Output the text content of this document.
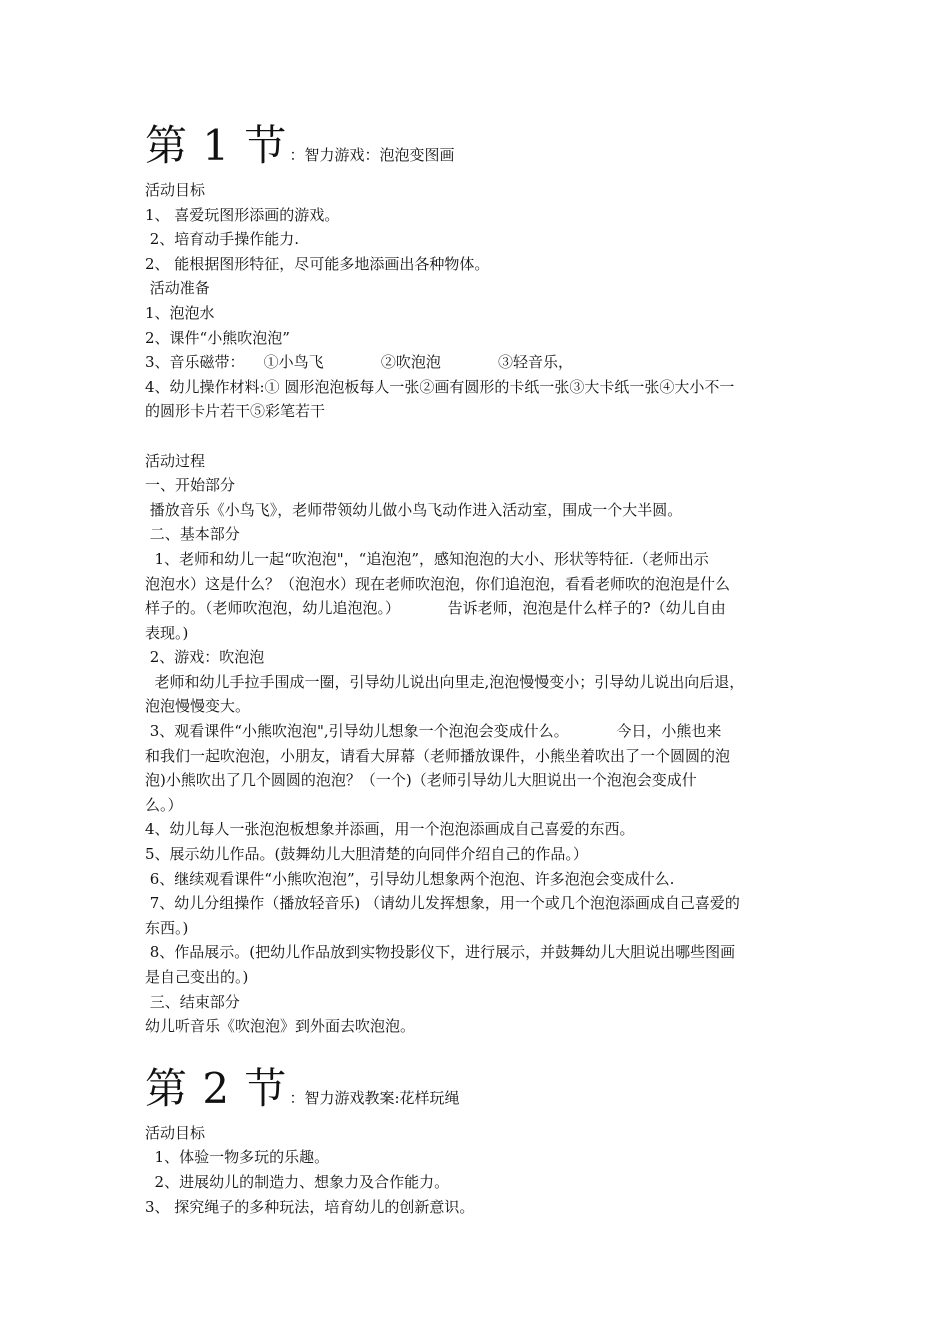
第 1 节 ：智力游戏：泡泡变图画

活动目标

1、 喜爱玩图形添画的游戏。

2、培育动手操作能力.

2、 能根据图形特征，尽可能多地添画出各种物体。

活动准备

1、泡泡水

2、课件“小熊吹泡泡”

3、音乐磁带：    ①小鸟飞            ②吹泡泡            ③轻音乐，

4、幼儿操作材料:① 圆形泡泡板每人一张②画有圆形的卡纸一张③大卡纸一张④大小不一

的圆形卡片若干⑤彩笔若干

活动过程

一、开始部分

播放音乐《小鸟飞》，老师带领幼儿做小鸟飞动作进入活动室，围成一个大半圆。

二、基本部分

1、老师和幼儿一起“吹泡泡"，“追泡泡”，感知泡泡的大小、形状等特征.（老师出示

泡泡水）这是什么？（泡泡水）现在老师吹泡泡，你们追泡泡，看看老师吹的泡泡是什么

样子的。（老师吹泡泡，幼儿追泡泡。）          告诉老师，泡泡是什么样子的?（幼儿自由

表现。)

2、游戏：吹泡泡

老师和幼儿手拉手围成一圈，引导幼儿说出向里走,泡泡慢慢变小；引导幼儿说出向后退，

泡泡慢慢变大。

3、观看课件“小熊吹泡泡",引导幼儿想象一个泡泡会变成什么。          今日，小熊也来

和我们一起吹泡泡，小朋友，请看大屏幕（老师播放课件，小熊坐着吹出了一个圆圆的泡

泡)小熊吹出了几个圆圆的泡泡？（一个)（老师引导幼儿大胆说出一个泡泡会变成什

么。）

4、幼儿每人一张泡泡板想象并添画，用一个泡泡添画成自己喜爱的东西。

5、展示幼儿作品。(鼓舞幼儿大胆清楚的向同伴介绍自己的作品。）

6、继续观看课件“小熊吹泡泡”，引导幼儿想象两个泡泡、许多泡泡会变成什么.

7、幼儿分组操作（播放轻音乐) （请幼儿发挥想象，用一个或几个泡泡添画成自己喜爱的

东西。)

8、作品展示。(把幼儿作品放到实物投影仪下，进行展示，并鼓舞幼儿大胆说出哪些图画

是自己变出的。)

三、结束部分

幼儿听音乐《吹泡泡》到外面去吹泡泡。

第 2 节 ：智力游戏教案:花样玩绳

活动目标

1、体验一物多玩的乐趣。

2、进展幼儿的制造力、想象力及合作能力。

3、 探究绳子的多种玩法，培育幼儿的创新意识。
